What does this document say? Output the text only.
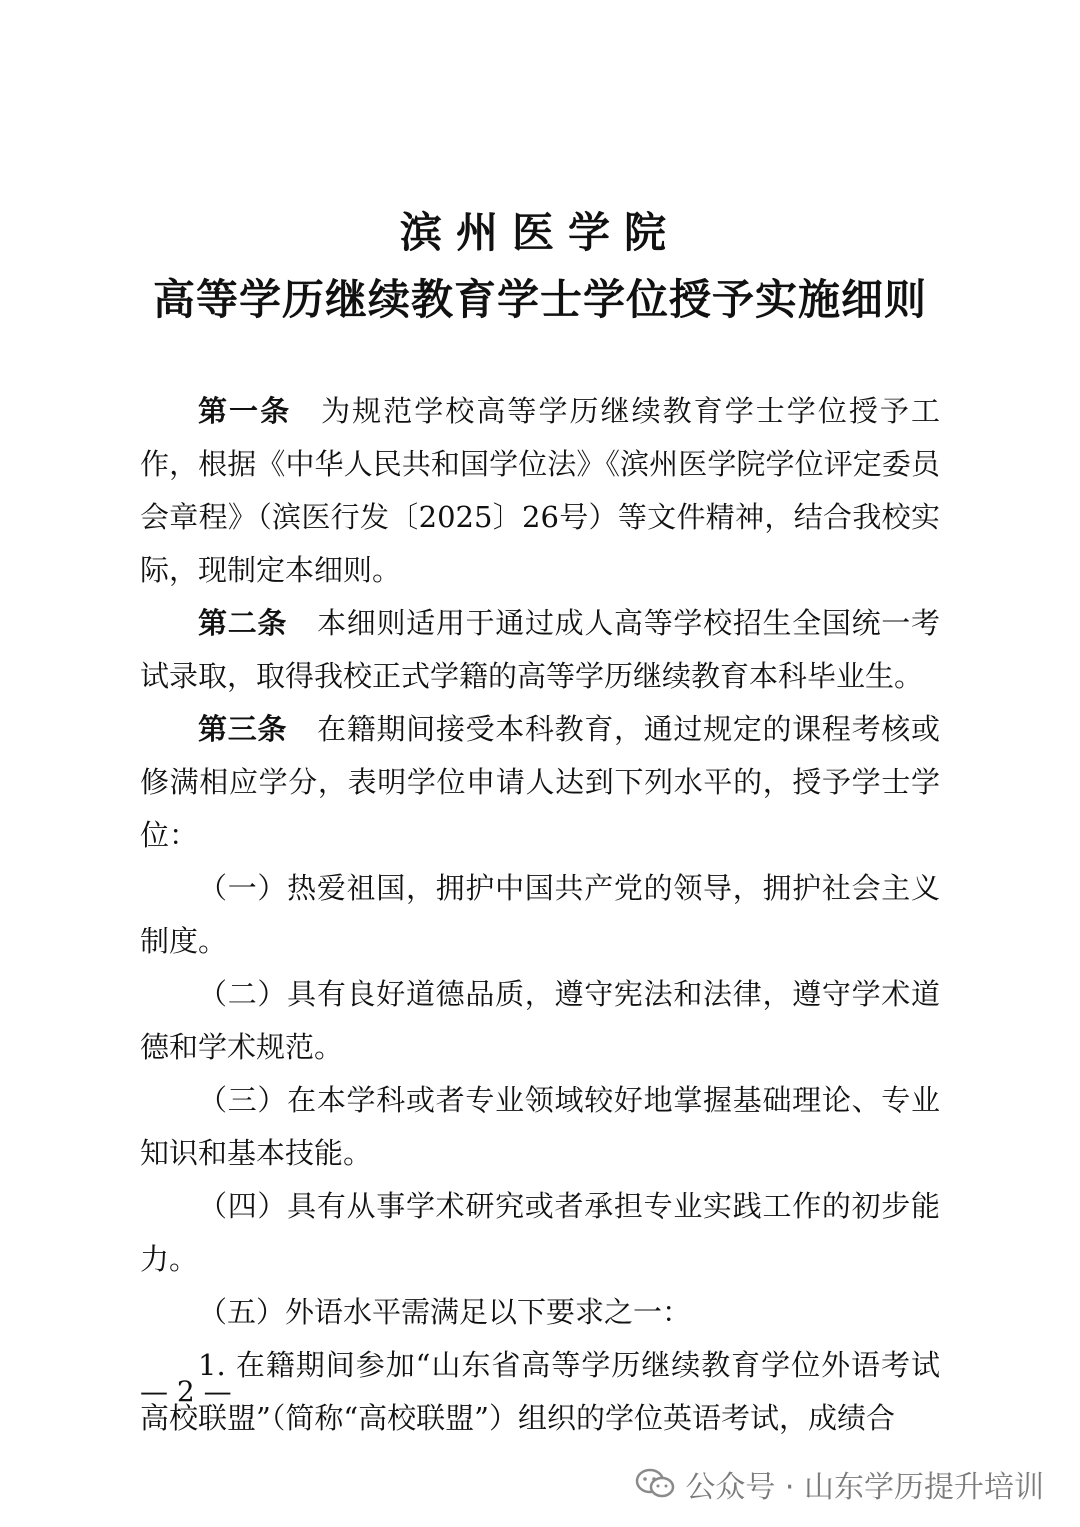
滨州医学院
高等学历继续教育学士学位授予实施细则

第一条 为规范学校高等学历继续教育学士学位授予工作，根据《中华人民共和国学位法》《滨州医学院学位评定委员会章程》（滨医行发〔2025〕26号）等文件精神，结合我校实际，现制定本细则。

第二条 本细则适用于通过成人高等学校招生全国统一考试录取，取得我校正式学籍的高等学历继续教育本科毕业生。

第三条 在籍期间接受本科教育，通过规定的课程考核或修满相应学分，表明学位申请人达到下列水平的，授予学士学位：

（一）热爱祖国，拥护中国共产党的领导，拥护社会主义制度。

（二）具有良好道德品质，遵守宪法和法律，遵守学术道德和学术规范。

（三）在本学科或者专业领域较好地掌握基础理论、专业知识和基本技能。

（四）具有从事学术研究或者承担专业实践工作的初步能力。

（五）外语水平需满足以下要求之一：

1. 在籍期间参加“山东省高等学历继续教育学位外语考试高校联盟”（简称“高校联盟”）组织的学位英语考试，成绩合

— 2 —
公众号 · 山东学历提升培训
